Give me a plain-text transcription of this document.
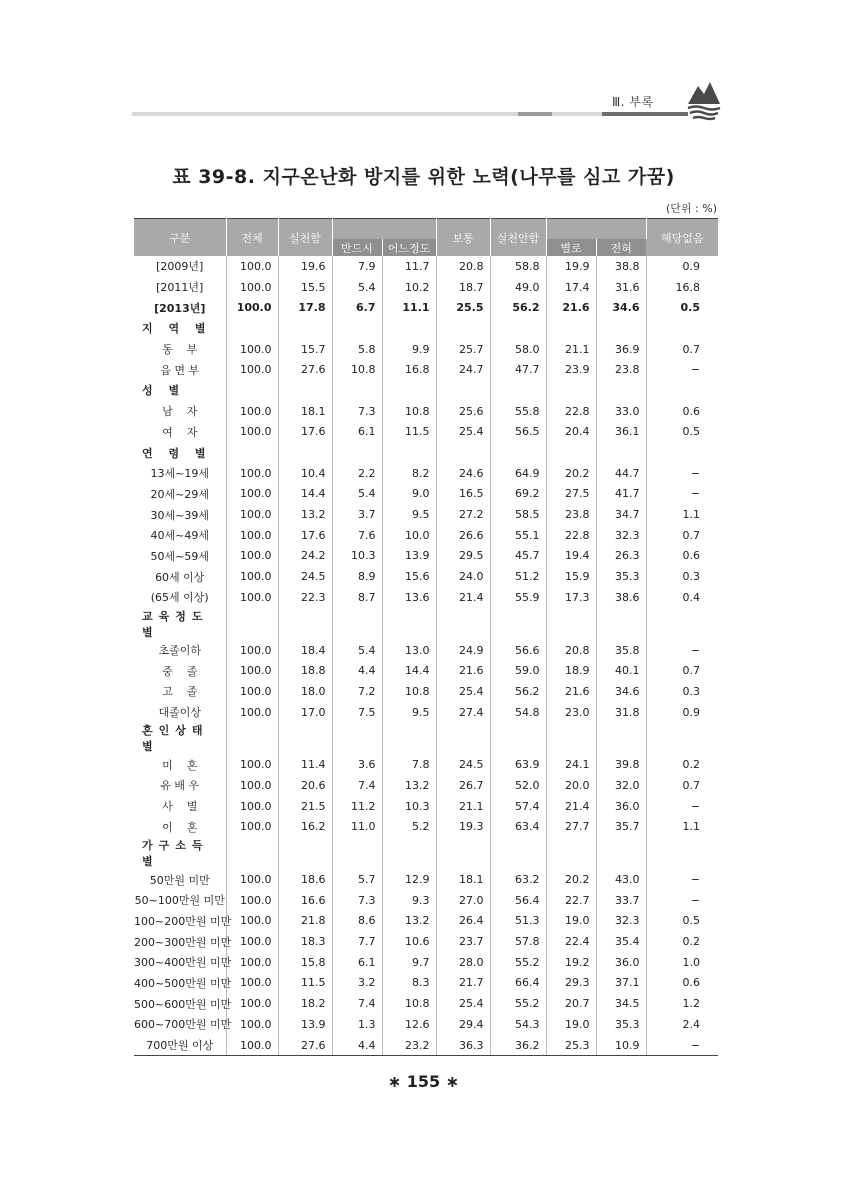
Ⅲ. 부록
표 39-8. 지구온난화 방지를 위한 노력(나무를 심고 가꿈)
(단위 : %)
구분	전체	실천함			보통	실천안함			해당없음
			반드시	어느정도			별로	전혀	
[2009년]	100.0	19.6	7.9	11.7	20.8	58.8	19.9	38.8	0.9
[2011년]	100.0	15.5	5.4	10.2	18.7	49.0	17.4	31.6	16.8
[2013년]	100.0	17.8	6.7	11.1	25.5	56.2	21.6	34.6	0.5
지 역 별									
동    부	100.0	15.7	5.8	9.9	25.7	58.0	21.1	36.9	0.7
읍 면 부	100.0	27.6	10.8	16.8	24.7	47.7	23.9	23.8	−
성 별									
남    자	100.0	18.1	7.3	10.8	25.6	55.8	22.8	33.0	0.6
여    자	100.0	17.6	6.1	11.5	25.4	56.5	20.4	36.1	0.5
연 령 별									
13세~19세	100.0	10.4	2.2	8.2	24.6	64.9	20.2	44.7	−
20세~29세	100.0	14.4	5.4	9.0	16.5	69.2	27.5	41.7	−
30세~39세	100.0	13.2	3.7	9.5	27.2	58.5	23.8	34.7	1.1
40세~49세	100.0	17.6	7.6	10.0	26.6	55.1	22.8	32.3	0.7
50세~59세	100.0	24.2	10.3	13.9	29.5	45.7	19.4	26.3	0.6
60세 이상	100.0	24.5	8.9	15.6	24.0	51.2	15.9	35.3	0.3
(65세 이상)	100.0	22.3	8.7	13.6	21.4	55.9	17.3	38.6	0.4
교육정도별									
초졸이하	100.0	18.4	5.4	13.0	24.9	56.6	20.8	35.8	−
중    졸	100.0	18.8	4.4	14.4	21.6	59.0	18.9	40.1	0.7
고    졸	100.0	18.0	7.2	10.8	25.4	56.2	21.6	34.6	0.3
대졸이상	100.0	17.0	7.5	9.5	27.4	54.8	23.0	31.8	0.9
혼인상태별									
미    혼	100.0	11.4	3.6	7.8	24.5	63.9	24.1	39.8	0.2
유 배 우	100.0	20.6	7.4	13.2	26.7	52.0	20.0	32.0	0.7
사    별	100.0	21.5	11.2	10.3	21.1	57.4	21.4	36.0	−
이    혼	100.0	16.2	11.0	5.2	19.3	63.4	27.7	35.7	1.1
가구소득별									
50만원 미만	100.0	18.6	5.7	12.9	18.1	63.2	20.2	43.0	−
50~100만원 미만	100.0	16.6	7.3	9.3	27.0	56.4	22.7	33.7	−
100~200만원 미만	100.0	21.8	8.6	13.2	26.4	51.3	19.0	32.3	0.5
200~300만원 미만	100.0	18.3	7.7	10.6	23.7	57.8	22.4	35.4	0.2
300~400만원 미만	100.0	15.8	6.1	9.7	28.0	55.2	19.2	36.0	1.0
400~500만원 미만	100.0	11.5	3.2	8.3	21.7	66.4	29.3	37.1	0.6
500~600만원 미만	100.0	18.2	7.4	10.8	25.4	55.2	20.7	34.5	1.2
600~700만원 미만	100.0	13.9	1.3	12.6	29.4	54.3	19.0	35.3	2.4
700만원 이상	100.0	27.6	4.4	23.2	36.3	36.2	25.3	10.9	−
∗ 155 ∗
